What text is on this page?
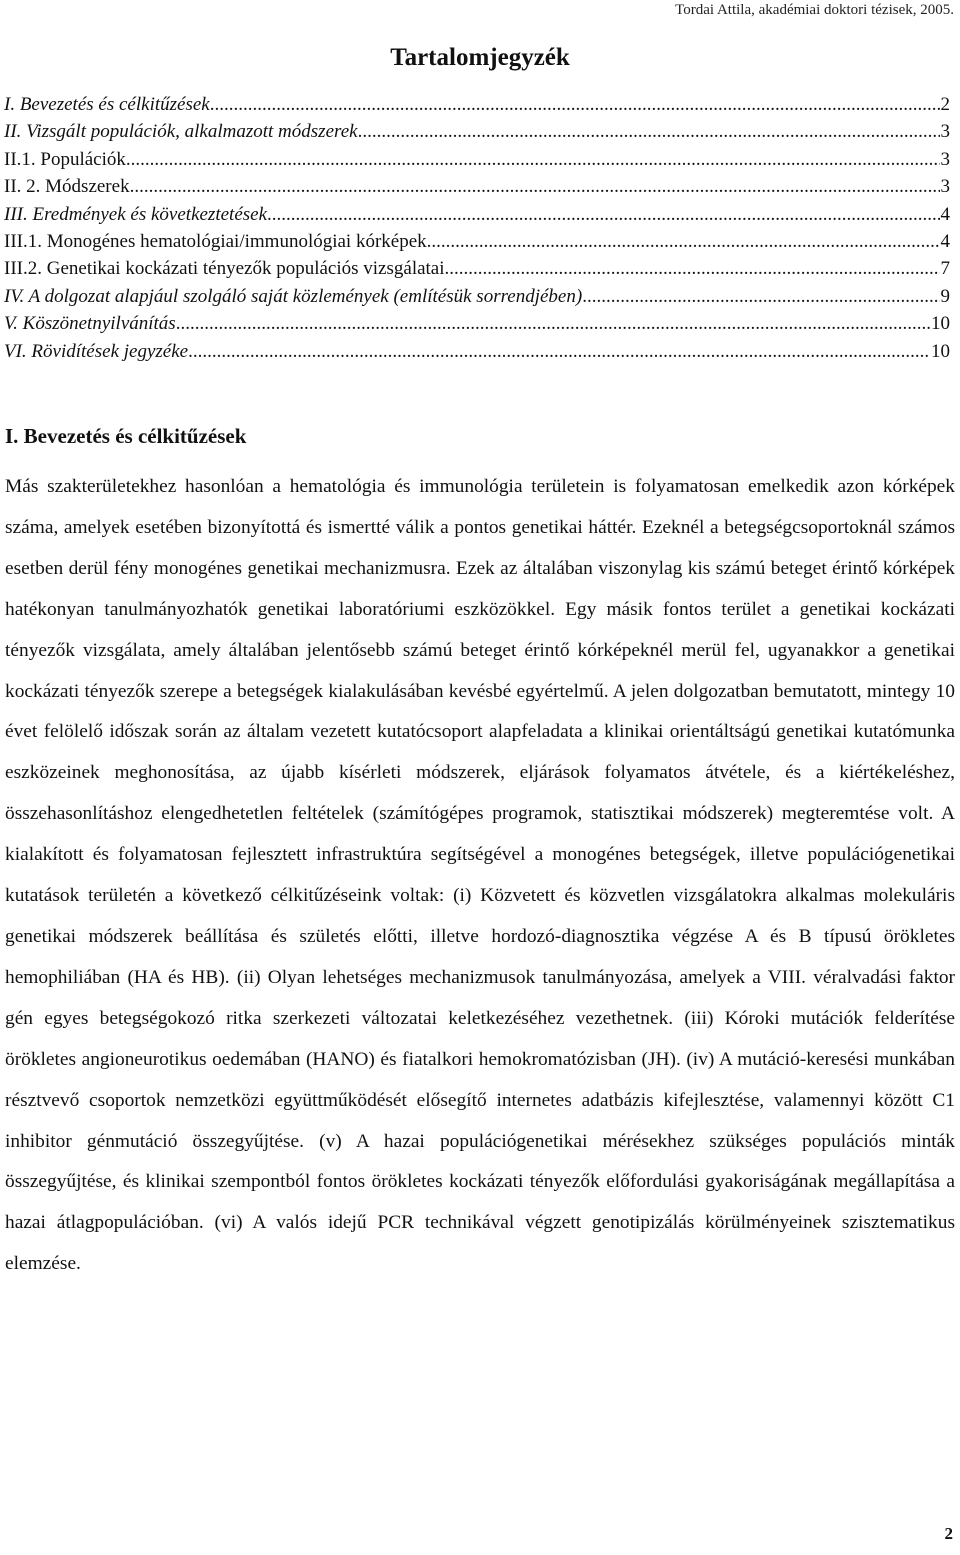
Tordai Attila, akadémiai doktori tézisek, 2005.
Tartalomjegyzék
I. Bevezetés és célkitűzések .....	2
II. Vizsgált populációk, alkalmazott módszerek .....	3
II.1. Populációk .....	3
II. 2. Módszerek .....	3
III. Eredmények és következtetések .....	4
III.1. Monogénes hematológiai/immunológiai kórképek .....	4
III.2. Genetikai kockázati tényezők populációs vizsgálatai .....	7
IV. A dolgozat alapjául szolgáló saját közlemények (említésük sorrendjében) .....	9
V. Köszönetnyilvánítás .....	10
VI. Rövidítések jegyzéke .....	10
I. Bevezetés és célkitűzések

Más szakterületekhez hasonlóan a hematológia és immunológia területein is folyamatosan emelkedik azon kórképek száma, amelyek esetében bizonyítottá és ismertté válik a pontos genetikai háttér. Ezeknél a betegségcsoportoknál számos esetben derül fény monogénes genetikai mechanizmusra. Ezek az általában viszonylag kis számú beteget érintő kórképek hatékonyan tanulmányozhatók genetikai laboratóriumi eszközökkel. Egy másik fontos terület a genetikai kockázati tényezők vizsgálata, amely általában jelentősebb számú beteget érintő kórképeknél merül fel, ugyanakkor a genetikai kockázati tényezők szerepe a betegségek kialakulásában kevésbé egyértelmű. A jelen dolgozatban bemutatott, mintegy 10 évet felölelő időszak során az általam vezetett kutatócsoport alapfeladata a klinikai orientáltságú genetikai kutatómunka eszközeinek meghonosítása, az újabb kísérleti módszerek, eljárások folyamatos átvétele, és a kiértékeléshez, összehasonlításhoz elengedhetetlen feltételek (számítógépes programok, statisztikai módszerek) megteremtése volt. A kialakított és folyamatosan fejlesztett infrastruktúra segítségével a monogénes betegségek, illetve populációgenetikai kutatások területén a következő célkitűzéseink voltak: (i) Közvetett és közvetlen vizsgálatokra alkalmas molekuláris genetikai módszerek beállítása és születés előtti, illetve hordozó-diagnosztika végzése A és B típusú örökletes hemophiliában (HA és HB). (ii) Olyan lehetséges mechanizmusok tanulmányozása, amelyek a VIII. véralvadási faktor gén egyes betegségokozó ritka szerkezeti változatai keletkezéséhez vezethetnek. (iii) Kóroki mutációk felderítése örökletes angioneurotikus oedemában (HANO) és fiatalkori hemokromatózisban (JH). (iv) A mutáció-keresési munkában résztvevő csoportok nemzetközi együttműködését elősegítő internetes adatbázis kifejlesztése, valamennyi között C1 inhibitor génmutáció összegyűjtése. (v) A hazai populációgenetikai mérésekhez szükséges populációs minták összegyűjtése, és klinikai szempontból fontos örökletes kockázati tényezők előfordulási gyakoriságának megállapítása a hazai átlagpopulációban. (vi) A valós idejű PCR technikával végzett genotipizálás körülményeinek szisztematikus elemzése.

2
